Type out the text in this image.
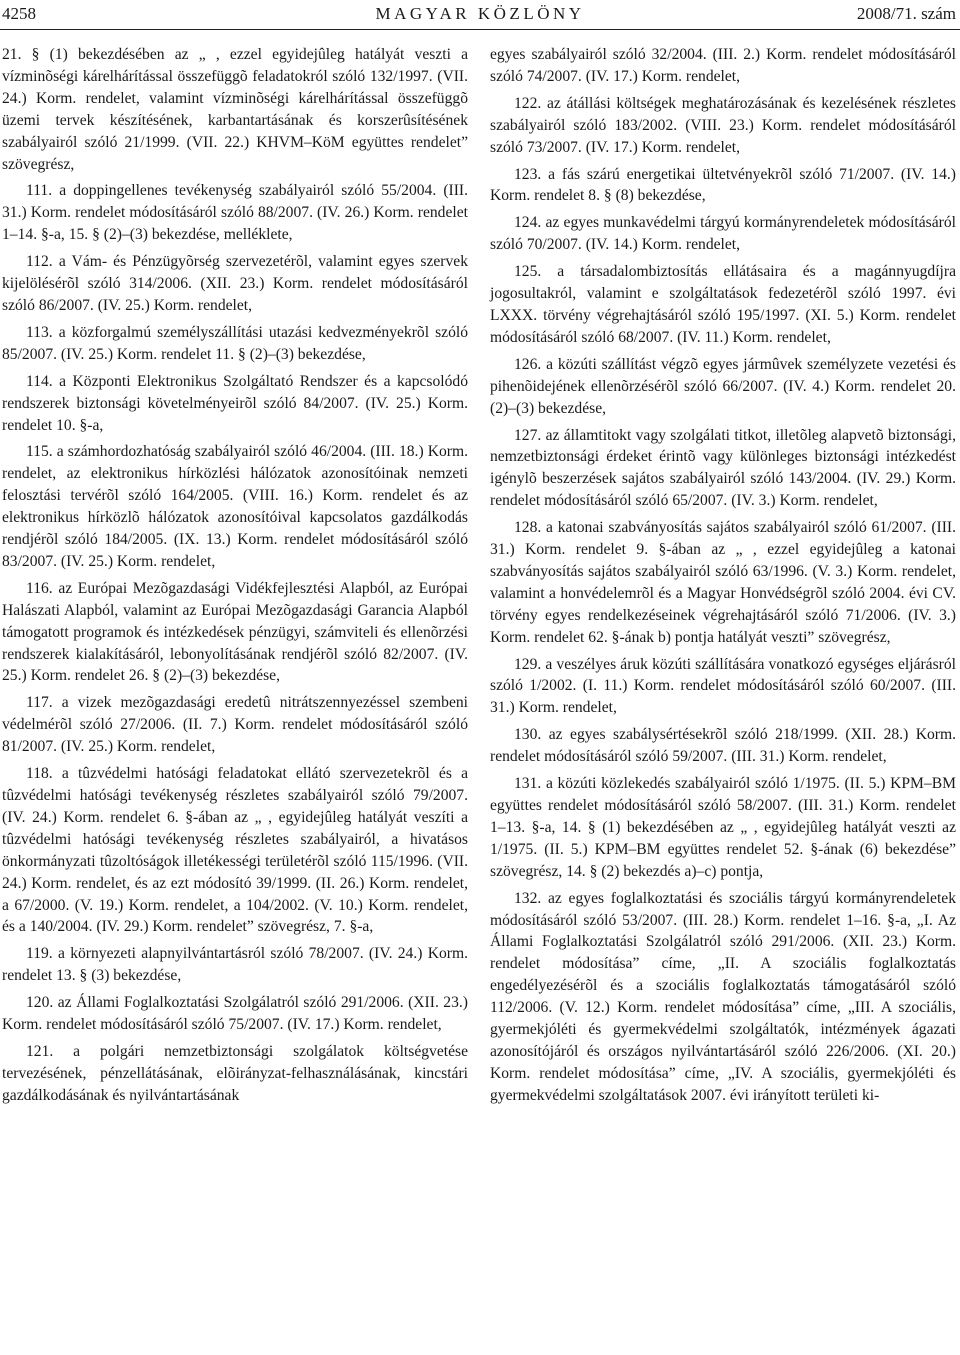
4258	MAGYAR KÖZLÖNY	2008/71. szám

21. § (1) bekezdésében az „ , ezzel egyidejûleg hatályát veszti a vízminõségi kárelhárítással összefüggõ feladatokról szóló 132/1997. (VII. 24.) Korm. rendelet, valamint vízminõségi kárelhárítással összefüggõ üzemi tervek készítésének, karbantartásának és korszerûsítésének szabályairól szóló 21/1999. (VII. 22.) KHVM–KöM együttes rendelet” szövegrész,

111. a doppingellenes tevékenység szabályairól szóló 55/2004. (III. 31.) Korm. rendelet módosításáról szóló 88/2007. (IV. 26.) Korm. rendelet 1–14. §-a, 15. § (2)–(3) bekezdése, melléklete,

112. a Vám- és Pénzügyõrség szervezetérõl, valamint egyes szervek kijelölésérõl szóló 314/2006. (XII. 23.) Korm. rendelet módosításáról szóló 86/2007. (IV. 25.) Korm. rendelet,

113. a közforgalmú személyszállítási utazási kedvezményekrõl szóló 85/2007. (IV. 25.) Korm. rendelet 11. § (2)–(3) bekezdése,

114. a Központi Elektronikus Szolgáltató Rendszer és a kapcsolódó rendszerek biztonsági követelményeirõl szóló 84/2007. (IV. 25.) Korm. rendelet 10. §-a,

115. a számhordozhatóság szabályairól szóló 46/2004. (III. 18.) Korm. rendelet, az elektronikus hírközlési hálózatok azonosítóinak nemzeti felosztási tervérõl szóló 164/2005. (VIII. 16.) Korm. rendelet és az elektronikus hírközlõ hálózatok azonosítóival kapcsolatos gazdálkodás rendjérõl szóló 184/2005. (IX. 13.) Korm. rendelet módosításáról szóló 83/2007. (IV. 25.) Korm. rendelet,

116. az Európai Mezõgazdasági Vidékfejlesztési Alapból, az Európai Halászati Alapból, valamint az Európai Mezõgazdasági Garancia Alapból támogatott programok és intézkedések pénzügyi, számviteli és ellenõrzési rendszerek kialakításáról, lebonyolításának rendjérõl szóló 82/2007. (IV. 25.) Korm. rendelet 26. § (2)–(3) bekezdése,

117. a vizek mezõgazdasági eredetû nitrátszennyezéssel szembeni védelmérõl szóló 27/2006. (II. 7.) Korm. rendelet módosításáról szóló 81/2007. (IV. 25.) Korm. rendelet,

118. a tûzvédelmi hatósági feladatokat ellátó szervezetekrõl és a tûzvédelmi hatósági tevékenység részletes szabályairól szóló 79/2007. (IV. 24.) Korm. rendelet 6. §-ában az „ , egyidejûleg hatályát veszíti a tûzvédelmi hatósági tevékenység részletes szabályairól, a hivatásos önkormányzati tûzoltóságok illetékességi területérõl szóló 115/1996. (VII. 24.) Korm. rendelet, és az ezt módosító 39/1999. (II. 26.) Korm. rendelet, a 67/2000. (V. 19.) Korm. rendelet, a 104/2002. (V. 10.) Korm. rendelet, és a 140/2004. (IV. 29.) Korm. rendelet” szövegrész, 7. §-a,

119. a környezeti alapnyilvántartásról szóló 78/2007. (IV. 24.) Korm. rendelet 13. § (3) bekezdése,

120. az Állami Foglalkoztatási Szolgálatról szóló 291/2006. (XII. 23.) Korm. rendelet módosításáról szóló 75/2007. (IV. 17.) Korm. rendelet,

121. a polgári nemzetbiztonsági szolgálatok költségvetése tervezésének, pénzellátásának, elõirányzat-felhasználásának, kincstári gazdálkodásának és nyilvántartásának

egyes szabályairól szóló 32/2004. (III. 2.) Korm. rendelet módosításáról szóló 74/2007. (IV. 17.) Korm. rendelet,

122. az átállási költségek meghatározásának és kezelésének részletes szabályairól szóló 183/2002. (VIII. 23.) Korm. rendelet módosításáról szóló 73/2007. (IV. 17.) Korm. rendelet,

123. a fás szárú energetikai ültetvényekrõl szóló 71/2007. (IV. 14.) Korm. rendelet 8. § (8) bekezdése,

124. az egyes munkavédelmi tárgyú kormányrendeletek módosításáról szóló 70/2007. (IV. 14.) Korm. rendelet,

125. a társadalombiztosítás ellátásaira és a magánnyugdíjra jogosultakról, valamint e szolgáltatások fedezetérõl szóló 1997. évi LXXX. törvény végrehajtásáról szóló 195/1997. (XI. 5.) Korm. rendelet módosításáról szóló 68/2007. (IV. 11.) Korm. rendelet,

126. a közúti szállítást végzõ egyes jármûvek személyzete vezetési és pihenõidejének ellenõrzésérõl szóló 66/2007. (IV. 4.) Korm. rendelet 20. (2)–(3) bekezdése,

127. az államtitokt vagy szolgálati titkot, illetõleg alapvetõ biztonsági, nemzetbiztonsági érdeket érintõ vagy különleges biztonsági intézkedést igénylõ beszerzések sajátos szabályairól szóló 143/2004. (IV. 29.) Korm. rendelet módosításáról szóló 65/2007. (IV. 3.) Korm. rendelet,

128. a katonai szabványosítás sajátos szabályairól szóló 61/2007. (III. 31.) Korm. rendelet 9. §-ában az „ , ezzel egyidejûleg a katonai szabványosítás sajátos szabályairól szóló 63/1996. (V. 3.) Korm. rendelet, valamint a honvédelemrõl és a Magyar Honvédségrõl szóló 2004. évi CV. törvény egyes rendelkezéseinek végrehajtásáról szóló 71/2006. (IV. 3.) Korm. rendelet 62. §-ának b) pontja hatályát veszti” szövegrész,

129. a veszélyes áruk közúti szállítására vonatkozó egységes eljárásról szóló 1/2002. (I. 11.) Korm. rendelet módosításáról szóló 60/2007. (III. 31.) Korm. rendelet,

130. az egyes szabálysértésekrõl szóló 218/1999. (XII. 28.) Korm. rendelet módosításáról szóló 59/2007. (III. 31.) Korm. rendelet,

131. a közúti közlekedés szabályairól szóló 1/1975. (II. 5.) KPM–BM együttes rendelet módosításáról szóló 58/2007. (III. 31.) Korm. rendelet 1–13. §-a, 14. § (1) bekezdésében az „ , egyidejûleg hatályát veszti az 1/1975. (II. 5.) KPM–BM együttes rendelet 52. §-ának (6) bekezdése” szövegrész, 14. § (2) bekezdés a)–c) pontja,

132. az egyes foglalkoztatási és szociális tárgyú kormányrendeletek módosításáról szóló 53/2007. (III. 28.) Korm. rendelet 1–16. §-a, „I. Az Állami Foglalkoztatási Szolgálatról szóló 291/2006. (XII. 23.) Korm. rendelet módosítása” címe, „II. A szociális foglalkoztatás engedélyezésérõl és a szociális foglalkoztatás támogatásáról szóló 112/2006. (V. 12.) Korm. rendelet módosítása” címe, „III. A szociális, gyermekjóléti és gyermekvédelmi szolgáltatók, intézmények ágazati azonosítójáról és országos nyilvántartásáról szóló 226/2006. (XI. 20.) Korm. rendelet módosítása” címe, „IV. A szociális, gyermekjóléti és gyermekvédelmi szolgáltatások 2007. évi irányított területi ki-
